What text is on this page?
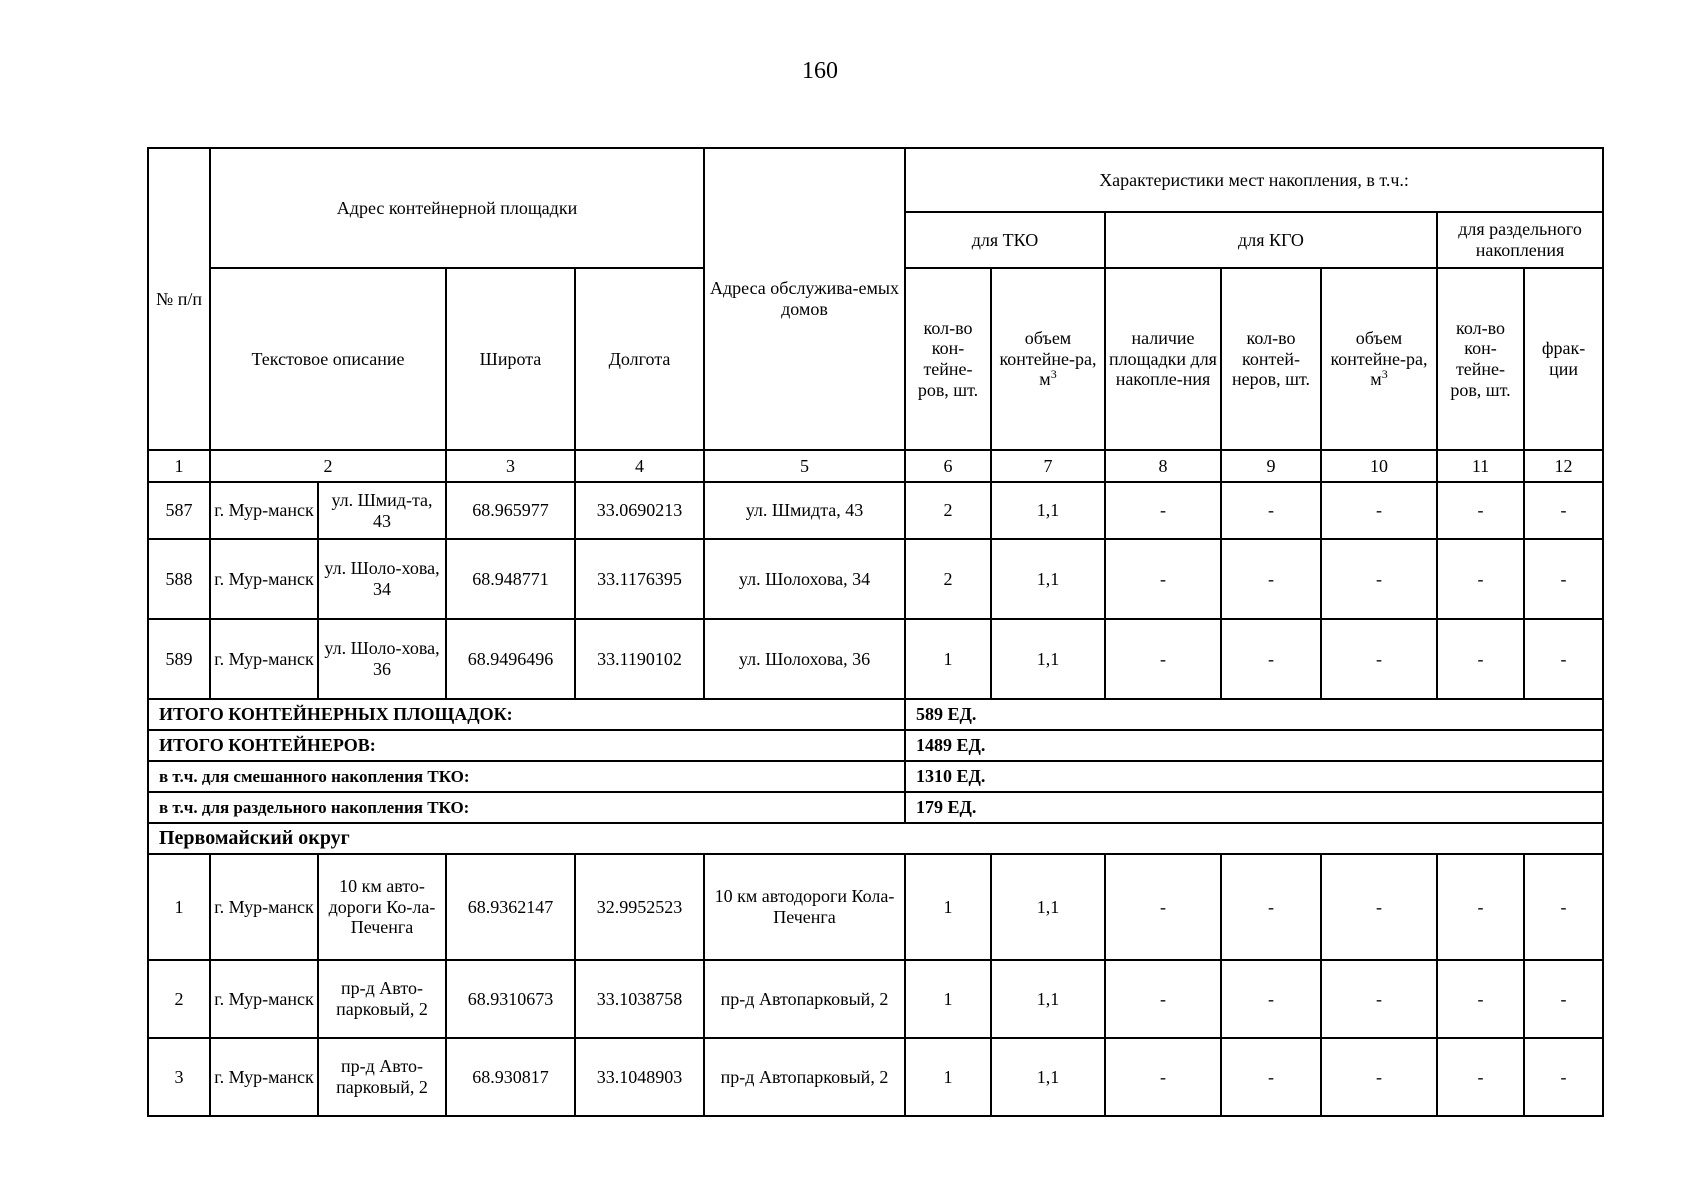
160
№ п/п	Адрес контейнерной площадки				Адреса обслужива-емых домов	Характеристики мест накопления, в т.ч.:						
						для ТКО		для КГО			для раздельного накопления	
	Текстовое описание		Широта	Долгота		кол-во кон-тейне-ров, шт.	объем контейне-ра, $м^3$	наличие площадки для накопле-ния	кол-во контей-неров, шт.	объем контейне-ра, $м^3$	кол-во кон-тейне-ров, шт.	фрак-ции
1	2		3	4	5	6	7	8	9	10	11	12
587	г. Мур-манск	ул. Шмид-та, 43	68.965977	33.0690213	ул. Шмидта, 43	2	1,1	-	-	-	-	-
588	г. Мур-манск	ул. Шоло-хова, 34	68.948771	33.1176395	ул. Шолохова, 34	2	1,1	-	-	-	-	-
589	г. Мур-манск	ул. Шоло-хова, 36	68.9496496	33.1190102	ул. Шолохова, 36	1	1,1	-	-	-	-	-
ИТОГО КОНТЕЙНЕРНЫХ ПЛОЩАДОК:						589 ЕД.						
ИТОГО КОНТЕЙНЕРОВ:						1489 ЕД.						
в т.ч. для смешанного накопления ТКО:						1310 ЕД.						
в т.ч. для раздельного накопления ТКО:						179 ЕД.						
Первомайский округ												
1	г. Мур-манск	10 км авто-дороги Ко-ла-Печенга	68.9362147	32.9952523	10 км автодороги Кола-Печенга	1	1,1	-	-	-	-	-
2	г. Мур-манск	пр-д Авто-парковый, 2	68.9310673	33.1038758	пр-д Автопарковый, 2	1	1,1	-	-	-	-	-
3	г. Мур-манск	пр-д Авто-парковый, 2	68.930817	33.1048903	пр-д Автопарковый, 2	1	1,1	-	-	-	-	-
